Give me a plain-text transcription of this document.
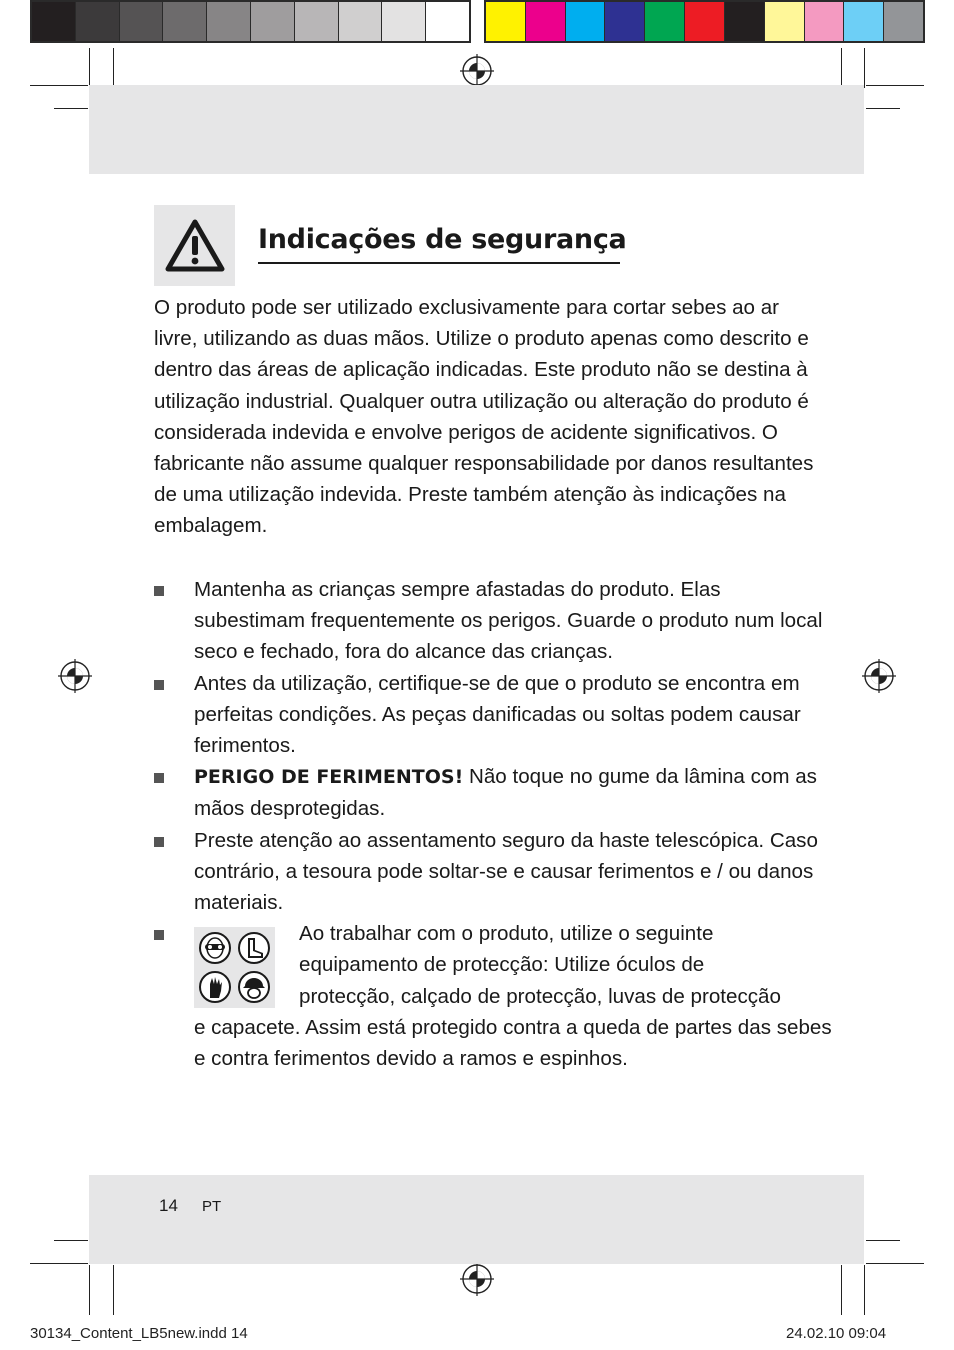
Indicações de segurança

O produto pode ser utilizado exclusivamente para cortar sebes ao ar livre, utilizando as duas mãos. Utilize o produto apenas como descrito e dentro das áreas de aplicação indicadas. Este produto não se destina à utilização industrial. Qualquer outra utilização ou alteração do produto é considerada indevida e envolve perigos de acidente significativos. O fabricante não assume qualquer responsabilidade por danos resultantes de uma utilização indevida. Preste também atenção às indicações na embalagem.

Mantenha as crianças sempre afastadas do produto. Elas subestimam frequentemente os perigos. Guarde o produto num local seco e fechado, fora do alcance das crianças.
Antes da utilização, certifique-se de que o produto se encontra em perfeitas condições. As peças danificadas ou soltas podem causar ferimentos.
PERIGO DE FERIMENTOS! Não toque no gume da lâmina com as mãos desprotegidas.
Preste atenção ao assentamento seguro da haste telescópica. Caso contrário, a tesoura pode soltar-se e causar ferimentos e / ou danos materiais.
Ao trabalhar com o produto, utilize o seguinte
equipamento de protecção: Utilize óculos de
protecção, calçado de protecção, luvas de protecção
e capacete. Assim está protegido contra a queda de partes das sebes e contra ferimentos devido a ramos e espinhos.
14 PT
30134_Content_LB5new.indd 14	24.02.10 09:04
